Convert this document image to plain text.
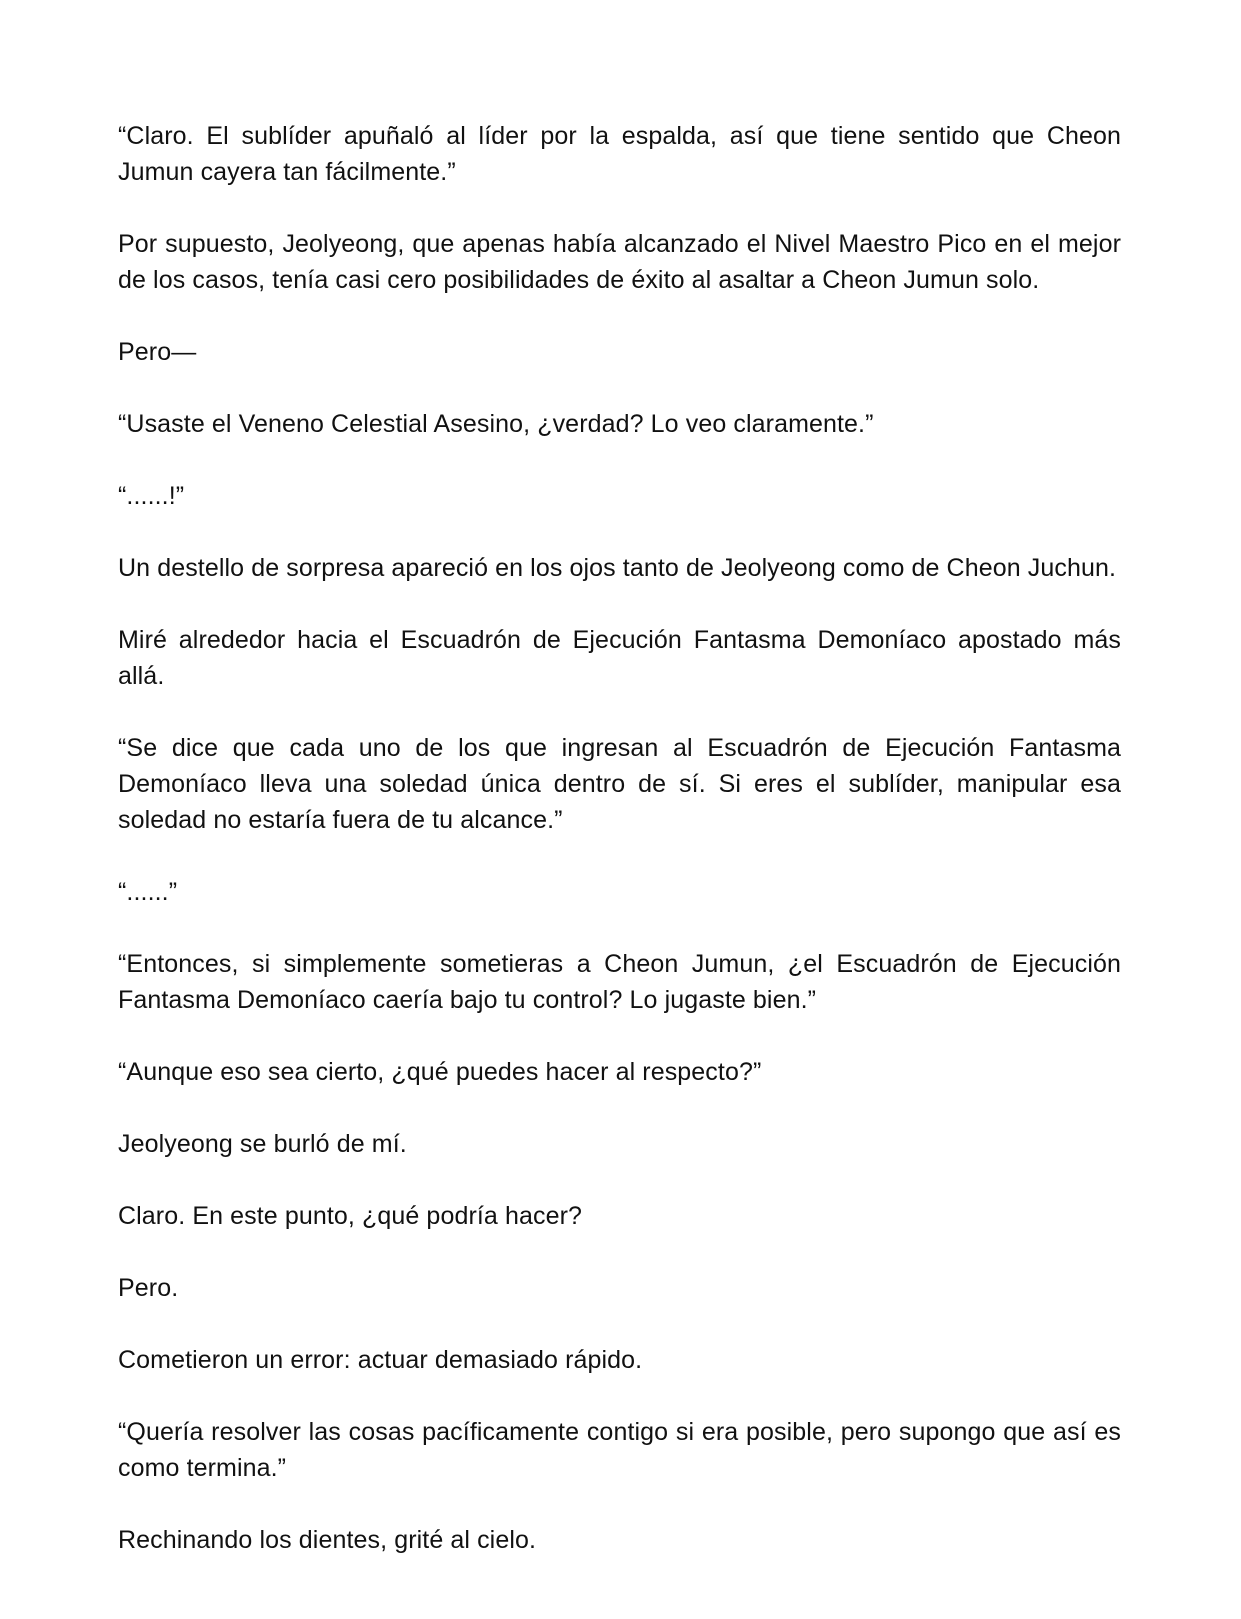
“Claro. El sublíder apuñaló al líder por la espalda, así que tiene sentido que Cheon Jumun cayera tan fácilmente.”

Por supuesto, Jeolyeong, que apenas había alcanzado el Nivel Maestro Pico en el mejor de los casos, tenía casi cero posibilidades de éxito al asaltar a Cheon Jumun solo.

Pero—

“Usaste el Veneno Celestial Asesino, ¿verdad? Lo veo claramente.”

“......!”

Un destello de sorpresa apareció en los ojos tanto de Jeolyeong como de Cheon Juchun.

Miré alrededor hacia el Escuadrón de Ejecución Fantasma Demoníaco apostado más allá.

“Se dice que cada uno de los que ingresan al Escuadrón de Ejecución Fantasma Demoníaco lleva una soledad única dentro de sí. Si eres el sublíder, manipular esa soledad no estaría fuera de tu alcance.”

“......”

“Entonces, si simplemente sometieras a Cheon Jumun, ¿el Escuadrón de Ejecución Fantasma Demoníaco caería bajo tu control? Lo jugaste bien.”

“Aunque eso sea cierto, ¿qué puedes hacer al respecto?”

Jeolyeong se burló de mí.

Claro. En este punto, ¿qué podría hacer?

Pero.

Cometieron un error: actuar demasiado rápido.

“Quería resolver las cosas pacíficamente contigo si era posible, pero supongo que así es como termina.”

Rechinando los dientes, grité al cielo.
